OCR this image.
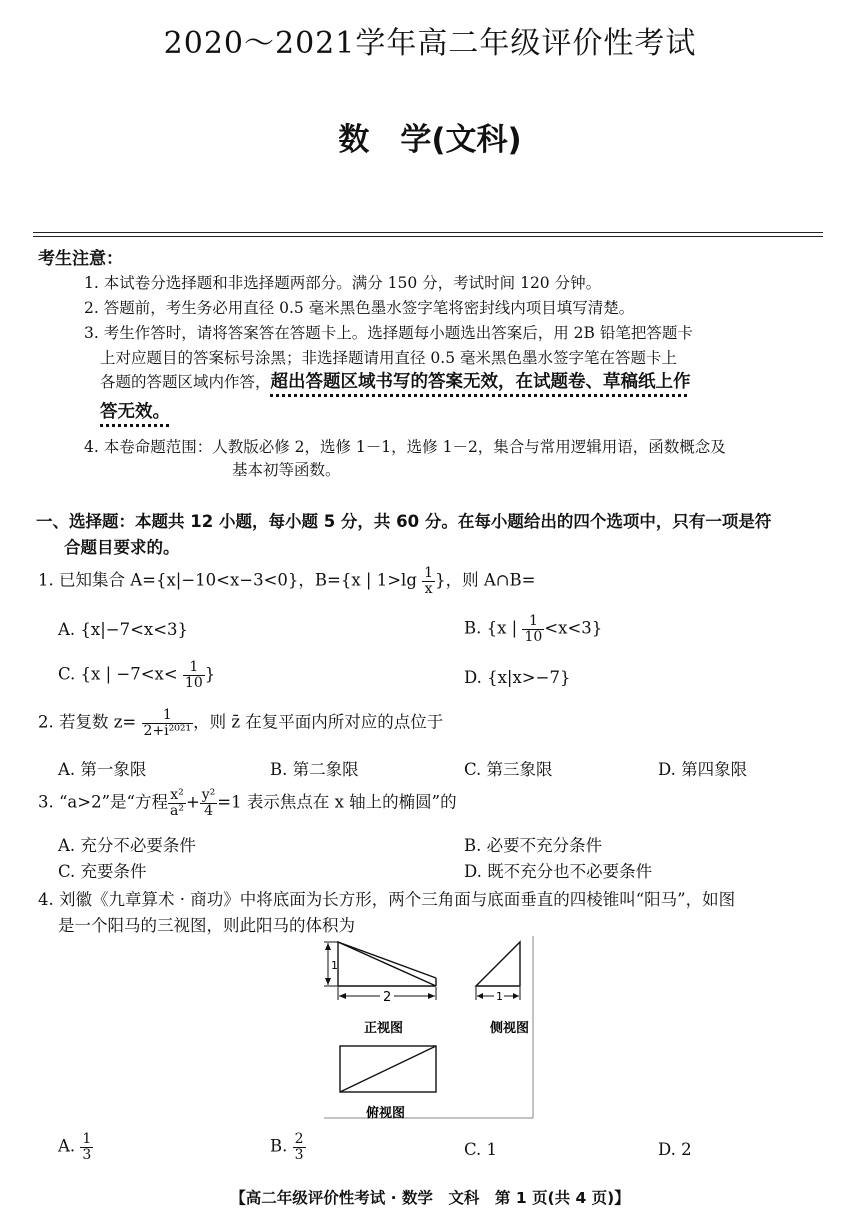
2020～2021学年高二年级评价性考试
数　学(文科)
考生注意：
1. 本试卷分选择题和非选择题两部分。满分 150 分，考试时间 120 分钟。
2. 答题前，考生务必用直径 0.5 毫米黑色墨水签字笔将密封线内项目填写清楚。
3. 考生作答时，请将答案答在答题卡上。选择题每小题选出答案后，用 2B 铅笔把答题卡
上对应题目的答案标号涂黑；非选择题请用直径 0.5 毫米黑色墨水签字笔在答题卡上
各题的答题区域内作答，超出答题区域书写的答案无效，在试题卷、草稿纸上作
答无效。
4. 本卷命题范围：人教版必修 2，选修 1－1，选修 1－2，集合与常用逻辑用语，函数概念及
基本初等函数。
一、选择题：本题共 12 小题，每小题 5 分，共 60 分。在每小题给出的四个选项中，只有一项是符
合题目要求的。
1. 已知集合 A={x|−10<x−3<0}，B={x | $1>\lg \frac{1}{x}$ }，则 A∩B=
A. {x|−7<x<3}	B. {x | $\frac{1}{10} <x<3$}
C. {x | $-7<x< \frac{1}{10}$ }	D. {x|x>−7}
2. 若复数 $z= \frac{1}{\text{2+i²⁰²¹}}$ ，则 z̄ 在复平面内所对应的点位于
A. 第一象限	B. 第二象限	C. 第三象限	D. 第四象限
3. “a>2”是“方程 $\frac{\text{x²}}{\text{a²}} + \frac{\text{y²}}{4} =1$ 表示焦点在 x 轴上的椭圆”的
A. 充分不必要条件	B. 必要不充分条件
C. 充要条件	D. 既不充分也不必要条件
4. 刘徽《九章算术 · 商功》中将底面为长方形，两个三角面与底面垂直的四棱锥叫“阳马”，如图
是一个阳马的三视图，则此阳马的体积为
1
2
正视图
1
侧视图
俯视图
A. $\frac{1}{3}$	B. $\frac{2}{3}$	C. 1	D. 2
【高二年级评价性考试 · 数学　文科　第 1 页(共 4 页)】
